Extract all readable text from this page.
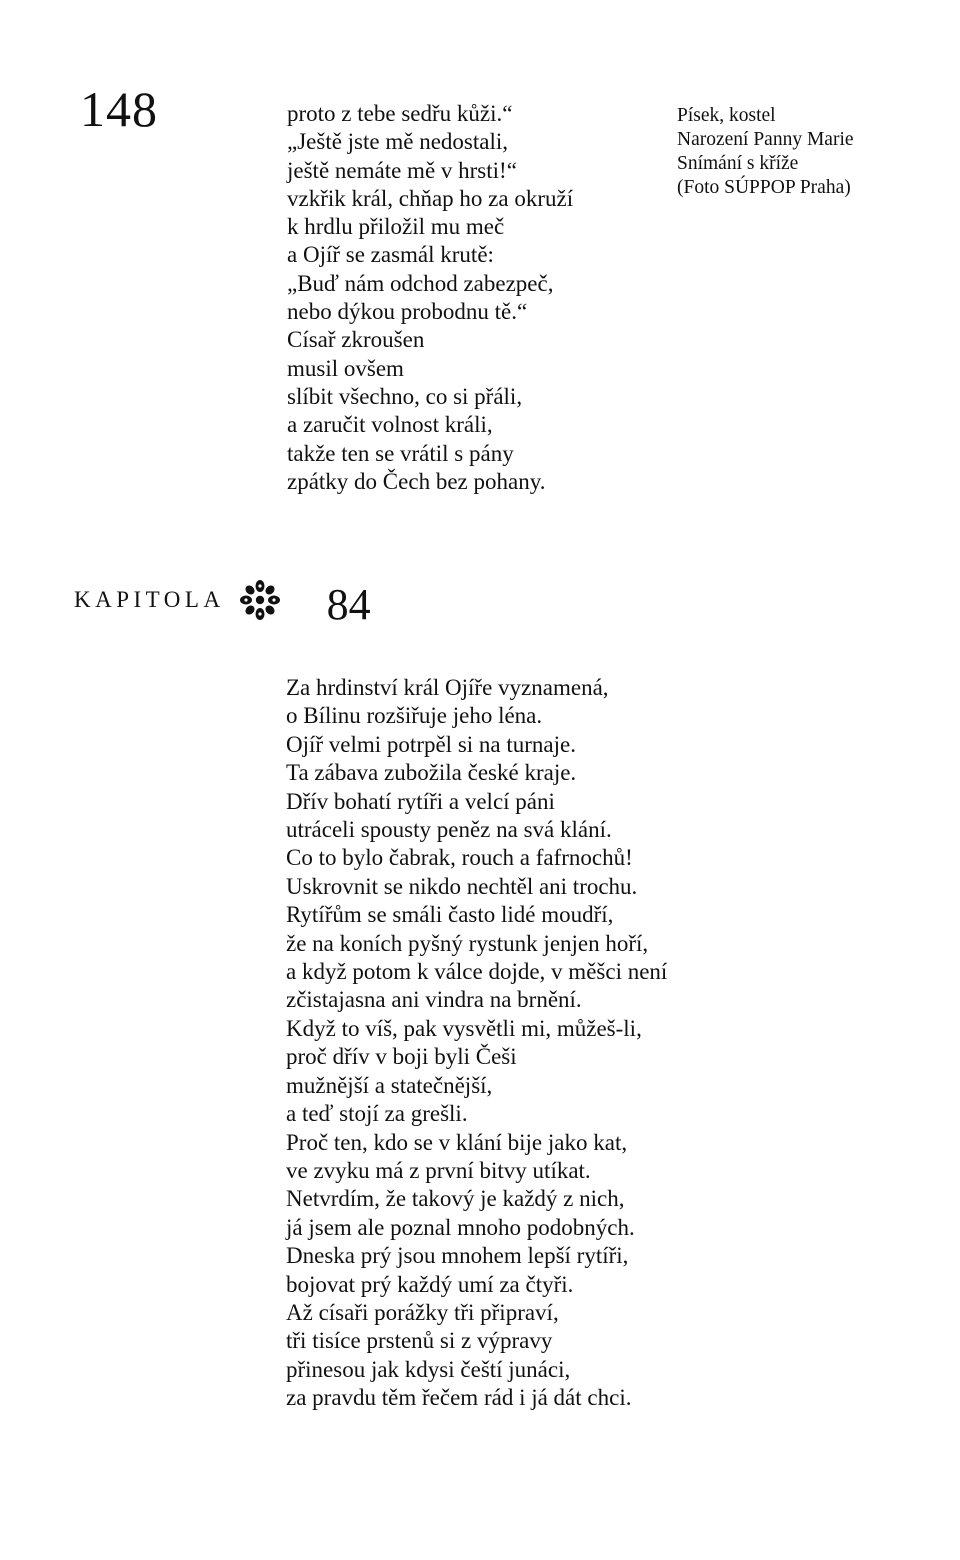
148	proto z tebe sedřu kůži.“
„Ještě jste mě nedostali,
ještě nemáte mě v hrsti!“
vzkřik král, chňap ho za okruží
k hrdlu přiložil mu meč
a Ojíř se zasmál krutě:
„Buď nám odchod zabezpeč,
nebo dýkou probodnu tě.“
Císař zkroušen
musil ovšem
slíbit všechno, co si přáli,
a zaručit volnost králi,
takže ten se vrátil s pány
zpátky do Čech bez pohany.
Písek, kostel
Narození Panny Marie
Snímání s kříže
(Foto SÚPPOP Praha)
KAPITOLA 84
Za hrdinství král Ojíře vyznamená,
o Bílinu rozšiřuje jeho léna.
Ojíř velmi potrpěl si na turnaje.
Ta zábava zubožila české kraje.
Dřív bohatí rytíři a velcí páni
utráceli spousty peněz na svá klání.
Co to bylo čabrak, rouch a fafrnochů!
Uskrovnit se nikdo nechtěl ani trochu.
Rytířům se smáli často lidé moudří,
že na koních pyšný rystunk jenjen hoří,
a když potom k válce dojde, v měšci není
zčistajasna ani vindra na brnění.
Když to víš, pak vysvětli mi, můžeš-li,
proč dřív v boji byli Češi
mužnější a statečnější,
a teď stojí za grešli.
Proč ten, kdo se v klání bije jako kat,
ve zvyku má z první bitvy utíkat.
Netvrdím, že takový je každý z nich,
já jsem ale poznal mnoho podobných.
Dneska prý jsou mnohem lepší rytíři,
bojovat prý každý umí za čtyři.
Až císaři porážky tři připraví,
tři tisíce prstenů si z výpravy
přinesou jak kdysi čeští junáci,
za pravdu těm řečem rád i já dát chci.
